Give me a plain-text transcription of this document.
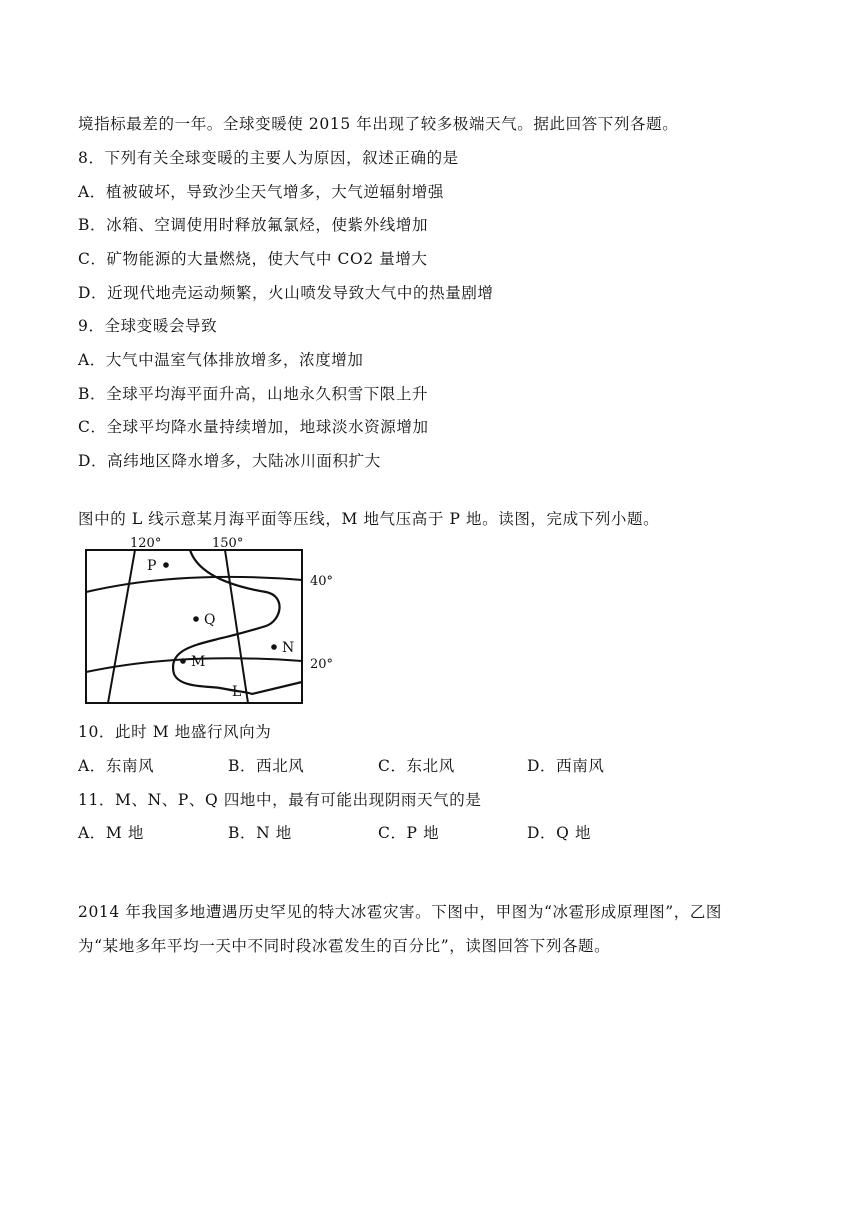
境指标最差的一年。全球变暖使 2015 年出现了较多极端天气。据此回答下列各题。
8．下列有关全球变暖的主要人为原因，叙述正确的是
A．植被破坏，导致沙尘天气增多，大气逆辐射增强
B．冰箱、空调使用时释放氟氯烃，使紫外线增加
C．矿物能源的大量燃烧，使大气中 CO2 量增大
D．近现代地壳运动频繁，火山喷发导致大气中的热量剧增
9．全球变暖会导致
A．大气中温室气体排放增多，浓度增加
B．全球平均海平面升高，山地永久积雪下限上升
C．全球平均降水量持续增加，地球淡水资源增加
D．高纬地区降水增多，大陆冰川面积扩大
图中的 L 线示意某月海平面等压线，M 地气压高于 P 地。读图，完成下列小题。
P
Q
N
M
L
120°	150°
40°
20°
10．此时 M 地盛行风向为
A．东南风	B．西北风	C．东北风	D．西南风
11．M、N、P、Q 四地中，最有可能出现阴雨天气的是
A．M 地	B．N 地	C．P 地	D．Q 地
2014 年我国多地遭遇历史罕见的特大冰雹灾害。下图中，甲图为“冰雹形成原理图”，乙图
为“某地多年平均一天中不同时段冰雹发生的百分比”，读图回答下列各题。
